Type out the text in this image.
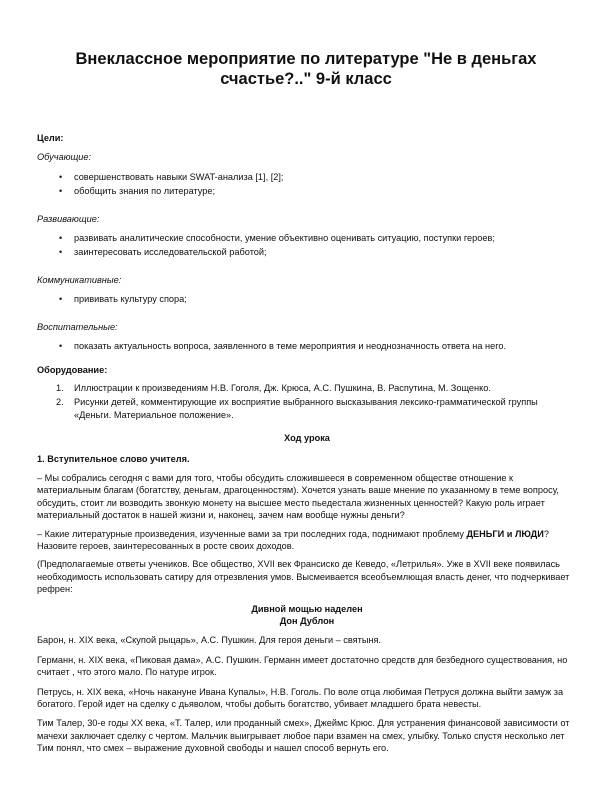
Внеклассное мероприятие по литературе "Не в деньгах
счастье?.." 9-й класс

Цели:

Обучающие:

• совершенствовать навыки SWAT-анализа [1], [2];
• обобщить знания по литературе;

Развивающие:

• развивать аналитические способности, умение объективно оценивать ситуацию, поступки героев;
• заинтересовать исследовательской работой;

Коммуникативные:

• прививать культуру спора;

Воспитательные:

• показать актуальность вопроса, заявленного в теме мероприятия и неоднозначность ответа на него.

Оборудование:

1. Иллюстрации к произведениям Н.В. Гоголя, Дж. Крюса, А.С. Пушкина, В. Распутина, М. Зощенко.
2. Рисунки детей, комментирующие их восприятие выбранного высказывания лексико-грамматической группы «Деньги. Материальное положение».

Ход урока

1. Вступительное слово учителя.

– Мы собрались сегодня с вами для того, чтобы обсудить сложившееся в современном обществе отношение к материальным благам (богатству, деньгам, драгоценностям). Хочется узнать ваше мнение по указанному в теме вопросу, обсудить, стоит ли возводить звонкую монету на высшее место пьедестала жизненных ценностей? Какую роль играет материальный достаток в нашей жизни и, наконец, зачем нам вообще нужны деньги?

– Какие литературные произведения, изученные вами за три последних года, поднимают проблему ДЕНЬГИ и ЛЮДИ? Назовите героев, заинтересованных в росте своих доходов.

(Предполагаемые ответы учеников. Все общество, XVII век Франсиско де Кеведо, «Летрилья». Уже в XVII веке появилась необходимость использовать сатиру для отрезвления умов. Высмеивается всеобъемлющая власть денег, что подчеркивает рефрен:

Дивной мощью наделен

Дон Дублон

Барон, н. XIX века, «Скупой рыцарь», А.С. Пушкин. Для героя деньги – святыня.

Германн, н. XIX века, «Пиковая дама», А.С. Пушкин. Германн имеет достаточно средств для безбедного существования, но считает , что этого мало. По натуре игрок.

Петрусь, н. XIX века, «Ночь накануне Ивана Купалы», Н.В. Гоголь. По воле отца любимая Петруся должна выйти замуж за богатого. Герой идет на сделку с дьяволом, чтобы добыть богатство, убивает младшего брата невесты.

Тим Талер, 30-е годы XX века, «Т. Талер, или проданный смех», Джеймс Крюс. Для устранения финансовой зависимости от мачехи заключает сделку с чертом. Мальчик выигрывает любое пари взамен на смех, улыбку. Только спустя несколько лет Тим понял, что смех – выражение духовной свободы и нашел способ вернуть его.
